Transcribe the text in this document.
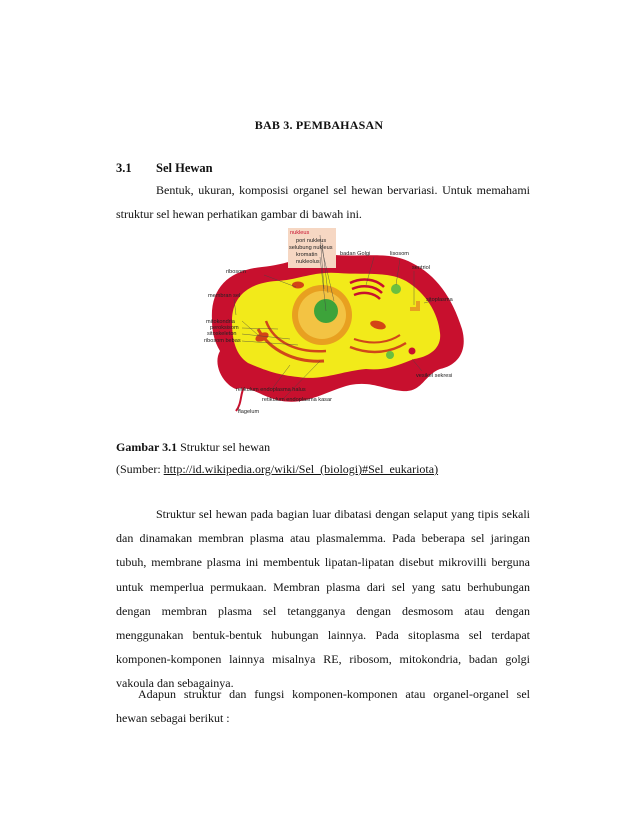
BAB 3. PEMBAHASAN
3.1 Sel Hewan
Bentuk, ukuran, komposisi organel sel hewan bervariasi. Untuk memahami struktur sel hewan perhatikan gambar di bawah ini.
nukleus
pori nukleus
selubung nukleus
kromatin
nukleolus
badan Golgi	lisosom
sentriol
ribosom
membran sel
sitoplasma
mitokondria
peroksisom
sitoskeleton
ribosom bebas
vesikel sekresi
retikulum endoplasma halus
retikulum endoplasma kasar
flagelum
Gambar 3.1 Struktur sel hewan
(Sumber: http://id.wikipedia.org/wiki/Sel_(biologi)#Sel_eukariota)
Struktur sel hewan pada bagian luar dibatasi dengan selaput yang tipis sekali dan dinamakan membran plasma atau plasmalemma. Pada beberapa sel jaringan tubuh, membrane plasma ini membentuk lipatan-lipatan disebut mikrovilli berguna untuk memperlua permukaan. Membran plasma dari sel yang satu berhubungan dengan membran plasma sel tetangganya dengan desmosom atau dengan menggunakan bentuk-bentuk hubungan lainnya. Pada sitoplasma sel terdapat komponen-komponen lainnya misalnya RE, ribosom, mitokondria, badan golgi vakoula dan sebagainya.
Adapun struktur dan fungsi komponen-komponen atau organel-organel sel hewan sebagai berikut :
